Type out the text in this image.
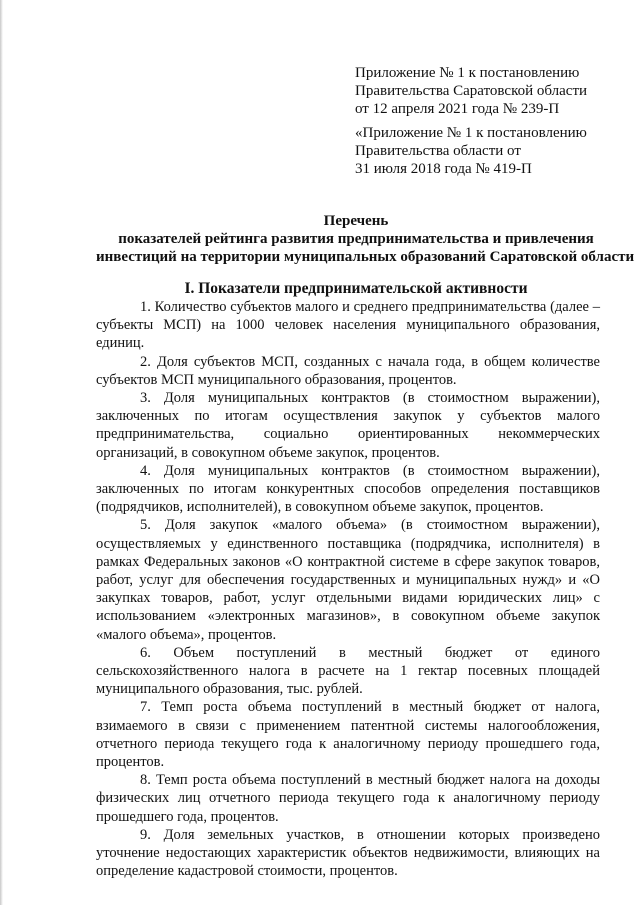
Приложение № 1 к постановлению
Правительства Саратовской области
от 12 апреля 2021 года № 239-П
«Приложение № 1 к постановлению
Правительства области от
31 июля 2018 года № 419-П
Перечень
показателей рейтинга развития предпринимательства и привлечения
инвестиций на территории муниципальных образований Саратовской области
I. Показатели предпринимательской активности

1. Количество субъектов малого и среднего предпринимательства (далее – субъекты МСП) на 1000 человек населения муниципального образования, единиц.

2. Доля субъектов МСП, созданных с начала года, в общем количестве субъектов МСП муниципального образования, процентов.

3. Доля муниципальных контрактов (в стоимостном выражении), заключенных по итогам осуществления закупок у субъектов малого предпринимательства, социально ориентированных некоммерческих организаций, в совокупном объеме закупок, процентов.

4. Доля муниципальных контрактов (в стоимостном выражении), заключенных по итогам конкурентных способов определения поставщиков (подрядчиков, исполнителей), в совокупном объеме закупок, процентов.

5. Доля закупок «малого объема» (в стоимостном выражении), осуществляемых у единственного поставщика (подрядчика, исполнителя) в рамках Федеральных законов «О контрактной системе в сфере закупок товаров, работ, услуг для обеспечения государственных и муниципальных нужд» и «О закупках товаров, работ, услуг отдельными видами юридических лиц» с использованием «электронных магазинов», в совокупном объеме закупок «малого объема», процентов.

6. Объем поступлений в местный бюджет от единого сельскохозяйственного налога в расчете на 1 гектар посевных площадей муниципального образования, тыс. рублей.

7. Темп роста объема поступлений в местный бюджет от налога, взимаемого в связи с применением патентной системы налогообложения, отчетного периода текущего года к аналогичному периоду прошедшего года, процентов.

8. Темп роста объема поступлений в местный бюджет налога на доходы физических лиц отчетного периода текущего года к аналогичному периоду прошедшего года, процентов.

9. Доля земельных участков, в отношении которых произведено уточнение недостающих характеристик объектов недвижимости, влияющих на определение кадастровой стоимости, процентов.
